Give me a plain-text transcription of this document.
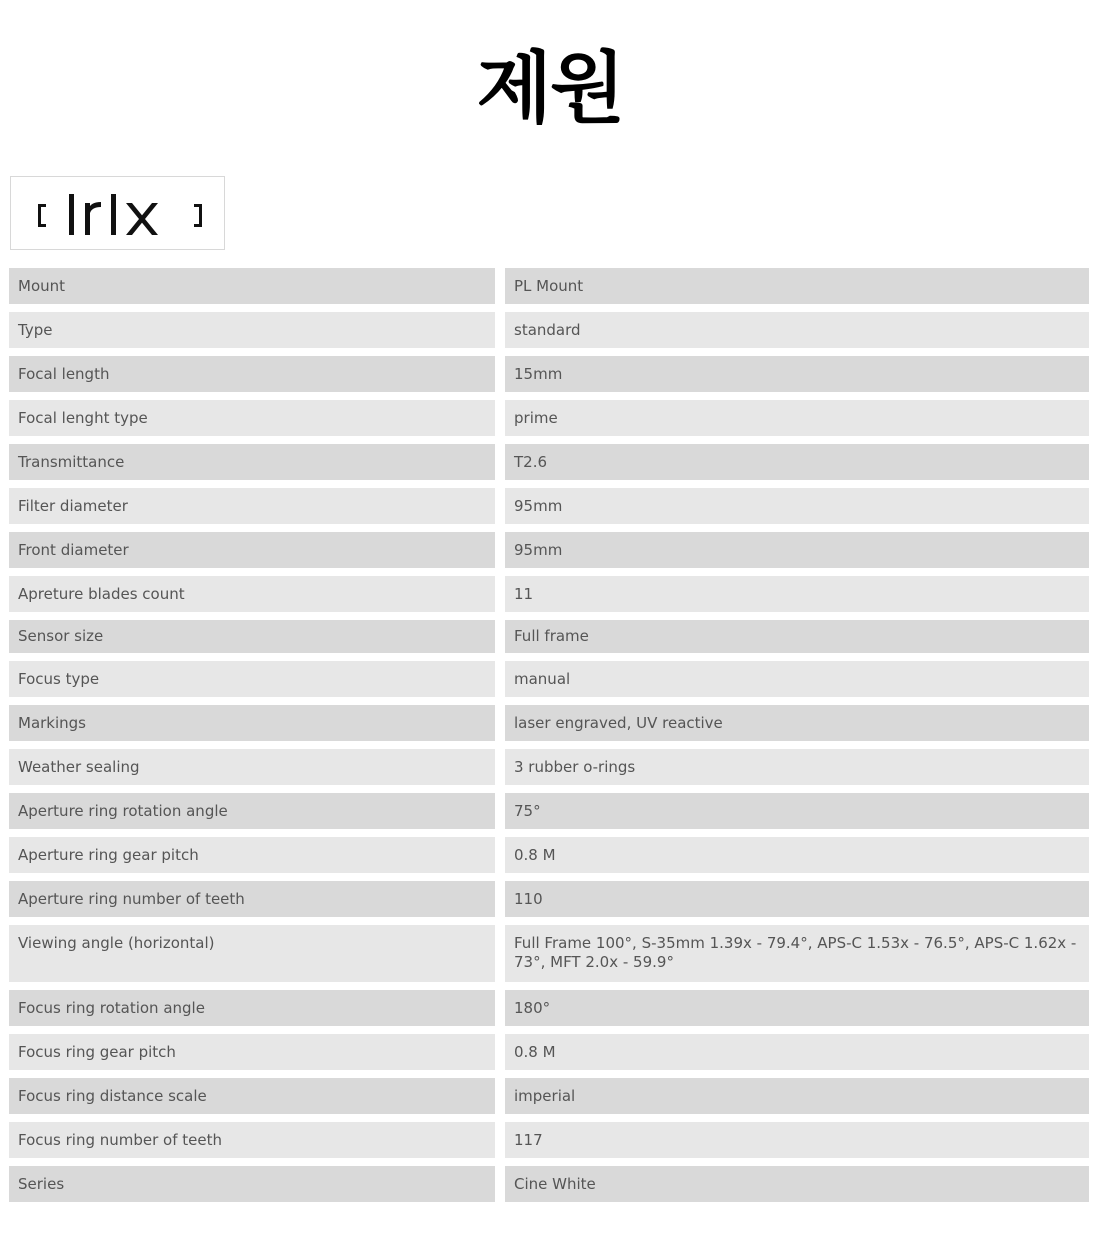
제원
Mount	PL Mount
Type	standard
Focal length	15mm
Focal lenght type	prime
Transmittance	T2.6
Filter diameter	95mm
Front diameter	95mm
Apreture blades count	11
Sensor size	Full frame
Focus type	manual
Markings	laser engraved, UV reactive
Weather sealing	3 rubber o-rings
Aperture ring rotation angle	75°
Aperture ring gear pitch	0.8 M
Aperture ring number of teeth	110
Viewing angle (horizontal)	Full Frame 100°, S-35mm 1.39x - 79.4°, APS-C 1.53x - 76.5°, APS-C 1.62x - 73°, MFT 2.0x - 59.9°
Focus ring rotation angle	180°
Focus ring gear pitch	0.8 M
Focus ring distance scale	imperial
Focus ring number of teeth	117
Series	Cine White
